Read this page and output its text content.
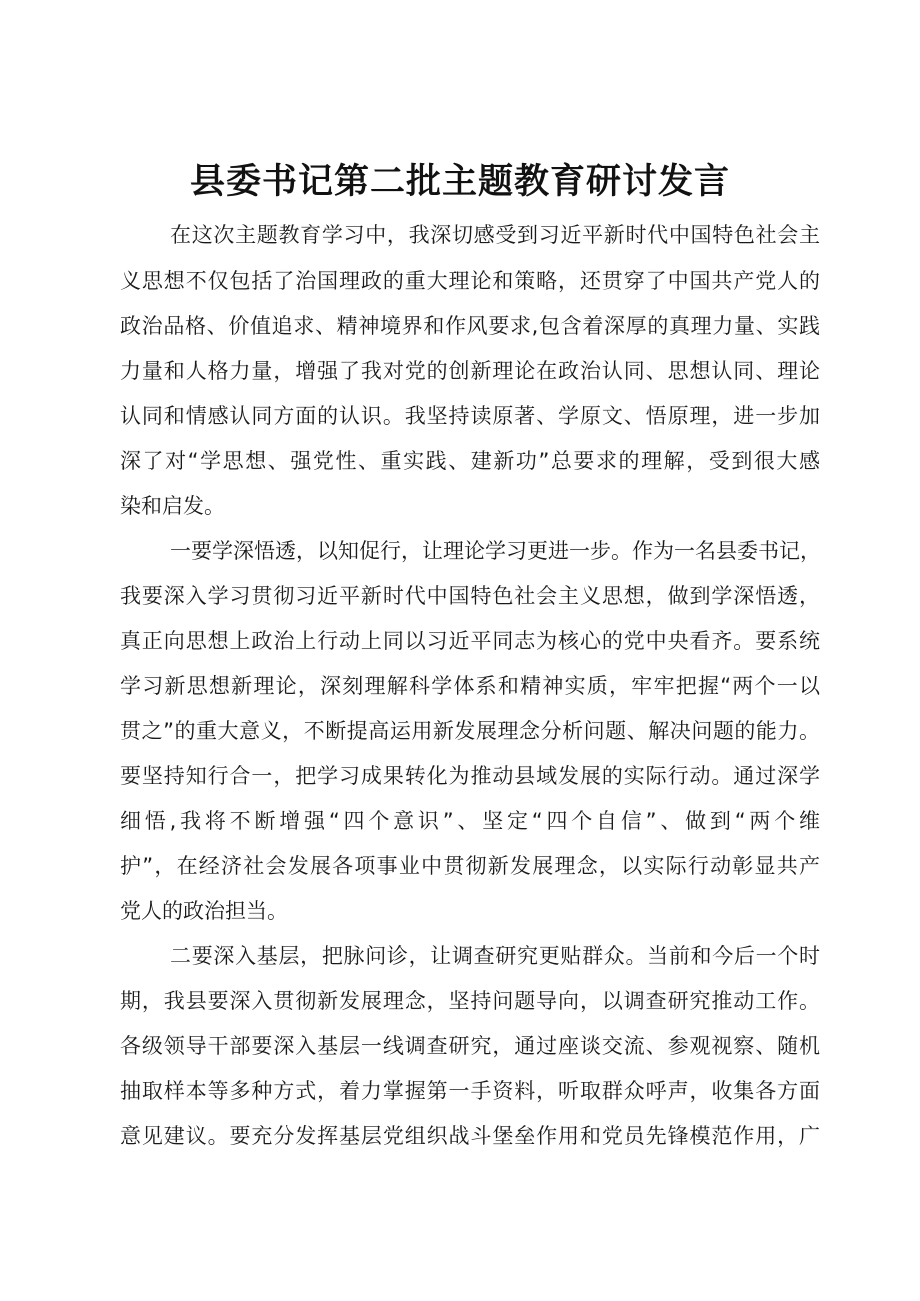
县委书记第二批主题教育研讨发言
在这次主题教育学习中，我深切感受到习近平新时代中国特色社会主
义思想不仅包括了治国理政的重大理论和策略，还贯穿了中国共产党人的
政治品格、价值追求、精神境界和作风要求,包含着深厚的真理力量、实践
力量和人格力量，增强了我对党的创新理论在政治认同、思想认同、理论
认同和情感认同方面的认识。我坚持读原著、学原文、悟原理，进一步加
深了对“学思想、强党性、重实践、建新功”总要求的理解，受到很大感
染和启发。
一要学深悟透，以知促行，让理论学习更进一步。作为一名县委书记，
我要深入学习贯彻习近平新时代中国特色社会主义思想，做到学深悟透，
真正向思想上政治上行动上同以习近平同志为核心的党中央看齐。要系统
学习新思想新理论，深刻理解科学体系和精神实质，牢牢把握“两个一以
贯之”的重大意义，不断提高运用新发展理念分析问题、解决问题的能力。
要坚持知行合一，把学习成果转化为推动县域发展的实际行动。通过深学
细悟,我将不断增强“四个意识”、坚定“四个自信”、做到“两个维
护”，在经济社会发展各项事业中贯彻新发展理念，以实际行动彰显共产
党人的政治担当。
二要深入基层，把脉问诊，让调查研究更贴群众。当前和今后一个时
期，我县要深入贯彻新发展理念，坚持问题导向，以调查研究推动工作。
各级领导干部要深入基层一线调查研究，通过座谈交流、参观视察、随机
抽取样本等多种方式，着力掌握第一手资料，听取群众呼声，收集各方面
意见建议。要充分发挥基层党组织战斗堡垒作用和党员先锋模范作用，广
